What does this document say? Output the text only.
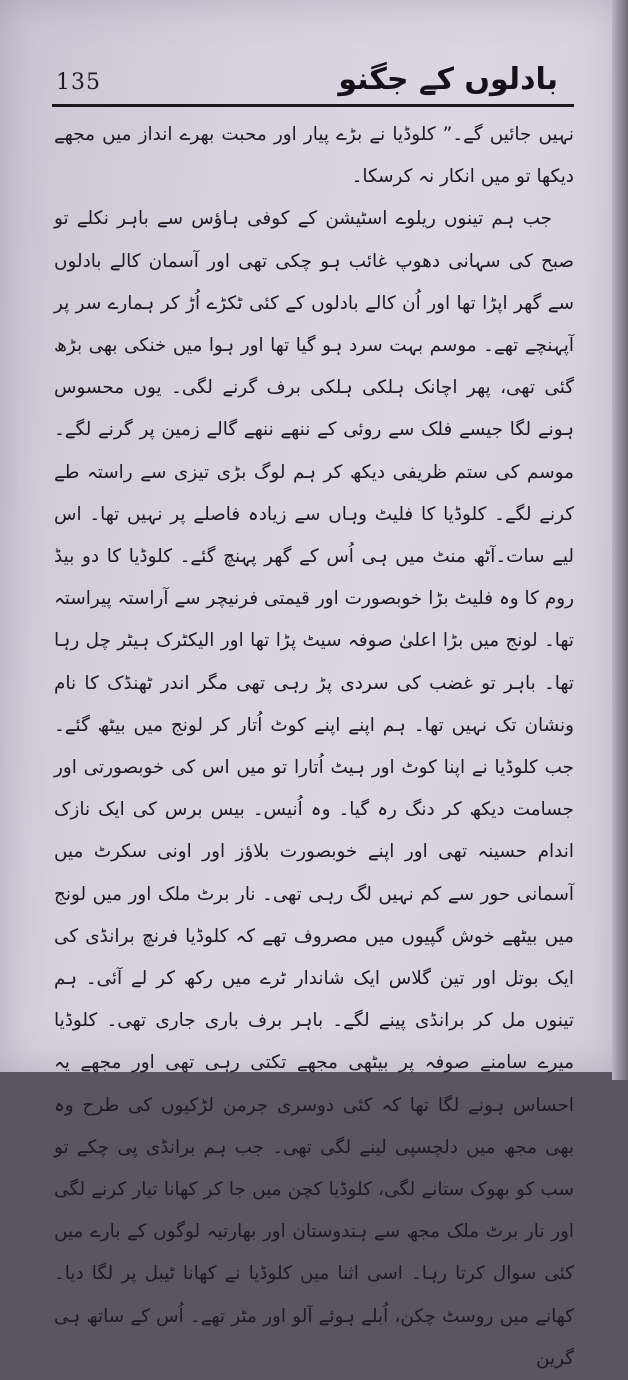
135	بادلوں کے جگنو

نہیں جائیں گے۔” کلوڈیا نے بڑے پیار اور محبت بھرے انداز میں مجھے دیکھا تو میں انکار نہ کرسکا۔

جب ہم تینوں ریلوے اسٹیشن کے کوفی ہاؤس سے باہر نکلے تو صبح کی سہانی دھوپ غائب ہو چکی تھی اور آسمان کالے بادلوں سے گھر اپڑا تھا اور اُن کالے بادلوں کے کئی ٹکڑے اُڑ کر ہمارے سر پر آپہنچے تھے۔ موسم بہت سرد ہو گیا تھا اور ہوا میں خنکی بھی بڑھ گئی تھی، پھر اچانک ہلکی ہلکی برف گرنے لگی۔ یوں محسوس ہونے لگا جیسے فلک سے روئی کے ننھے ننھے گالے زمین پر گرنے لگے۔ موسم کی ستم ظریفی دیکھ کر ہم لوگ بڑی تیزی سے راستہ طے کرنے لگے۔ کلوڈیا کا فلیٹ وہاں سے زیادہ فاصلے پر نہیں تھا۔ اس لیے سات۔آٹھ منٹ میں ہی اُس کے گھر پہنچ گئے۔ کلوڈیا کا دو بیڈ روم کا وہ فلیٹ بڑا خوبصورت اور قیمتی فرنیچر سے آراستہ پیراستہ تھا۔ لونج میں بڑا اعلیٰ صوفہ سیٹ پڑا تھا اور الیکٹرک ہیٹر چل رہا تھا۔ باہر تو غضب کی سردی پڑ رہی تھی مگر اندر ٹھنڈک کا نام ونشان تک نہیں تھا۔ ہم اپنے اپنے کوٹ اُتار کر لونج میں بیٹھ گئے۔ جب کلوڈیا نے اپنا کوٹ اور ہیٹ اُتارا تو میں اس کی خوبصورتی اور جسامت دیکھ کر دنگ رہ گیا۔ وہ اُنیس۔ بیس برس کی ایک نازک اندام حسینہ تھی اور اپنے خوبصورت بلاؤز اور اونی سکرٹ میں آسمانی حور سے کم نہیں لگ رہی تھی۔ نار برٹ ملک اور میں لونج میں بیٹھے خوش گپیوں میں مصروف تھے کہ کلوڈیا فرنچ برانڈی کی ایک بوتل اور تین گلاس ایک شاندار ٹرے میں رکھ کر لے آئی۔ ہم تینوں مل کر برانڈی پینے لگے۔ باہر برف باری جاری تھی۔ کلوڈیا میرے سامنے صوفہ پر بیٹھی مجھے تکتی رہی تھی اور مجھے یہ احساس ہونے لگا تھا کہ کئی دوسری جرمن لڑکیوں کی طرح وہ بھی مجھ میں دلچسپی لینے لگی تھی۔ جب ہم برانڈی پی چکے تو سب کو بھوک ستانے لگی، کلوڈیا کچن میں جا کر کھانا تیار کرنے لگی اور نار برٹ ملک مجھ سے ہندوستان اور بھارتیہ لوگوں کے بارے میں کئی سوال کرتا رہا۔ اسی اثنا میں کلوڈیا نے کھانا ٹیبل پر لگا دیا۔ کھانے میں روسٹ چکن، اُبلے ہوئے آلو اور مٹر تھے۔ اُس کے ساتھ ہی گرین
